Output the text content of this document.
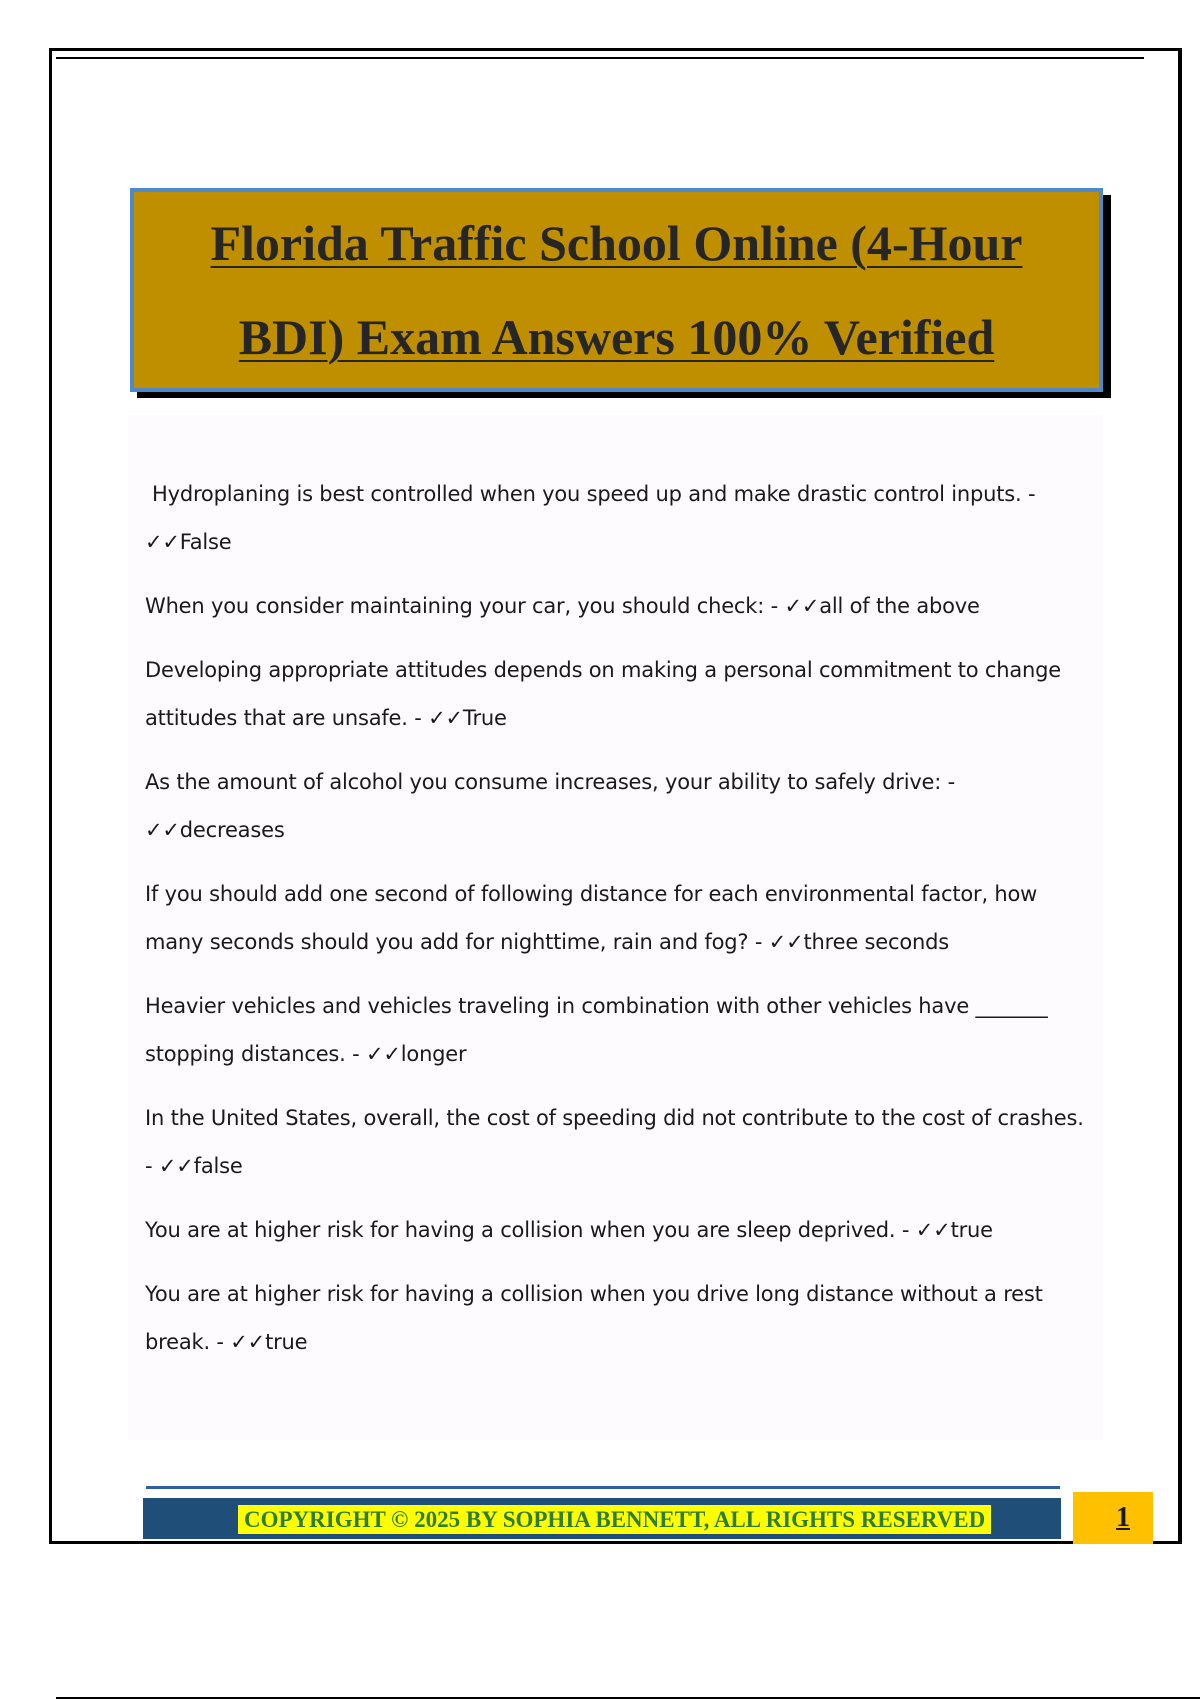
Florida Traffic School Online (4-Hour
BDI) Exam Answers 100% Verified

Hydroplaning is best controlled when you speed up and make drastic control inputs. - ✓✓False

When you consider maintaining your car, you should check: - ✓✓all of the above

Developing appropriate attitudes depends on making a personal commitment to change attitudes that are unsafe. - ✓✓True

As the amount of alcohol you consume increases, your ability to safely drive: - ✓✓decreases

If you should add one second of following distance for each environmental factor, how many seconds should you add for nighttime, rain and fog? - ✓✓three seconds

Heavier vehicles and vehicles traveling in combination with other vehicles have _______ stopping distances. - ✓✓longer

In the United States, overall, the cost of speeding did not contribute to the cost of crashes. - ✓✓false

You are at higher risk for having a collision when you are sleep deprived. - ✓✓true

You are at higher risk for having a collision when you drive long distance without a rest break. - ✓✓true

COPYRIGHT © 2025 BY SOPHIA BENNETT, ALL RIGHTS RESERVED	1
